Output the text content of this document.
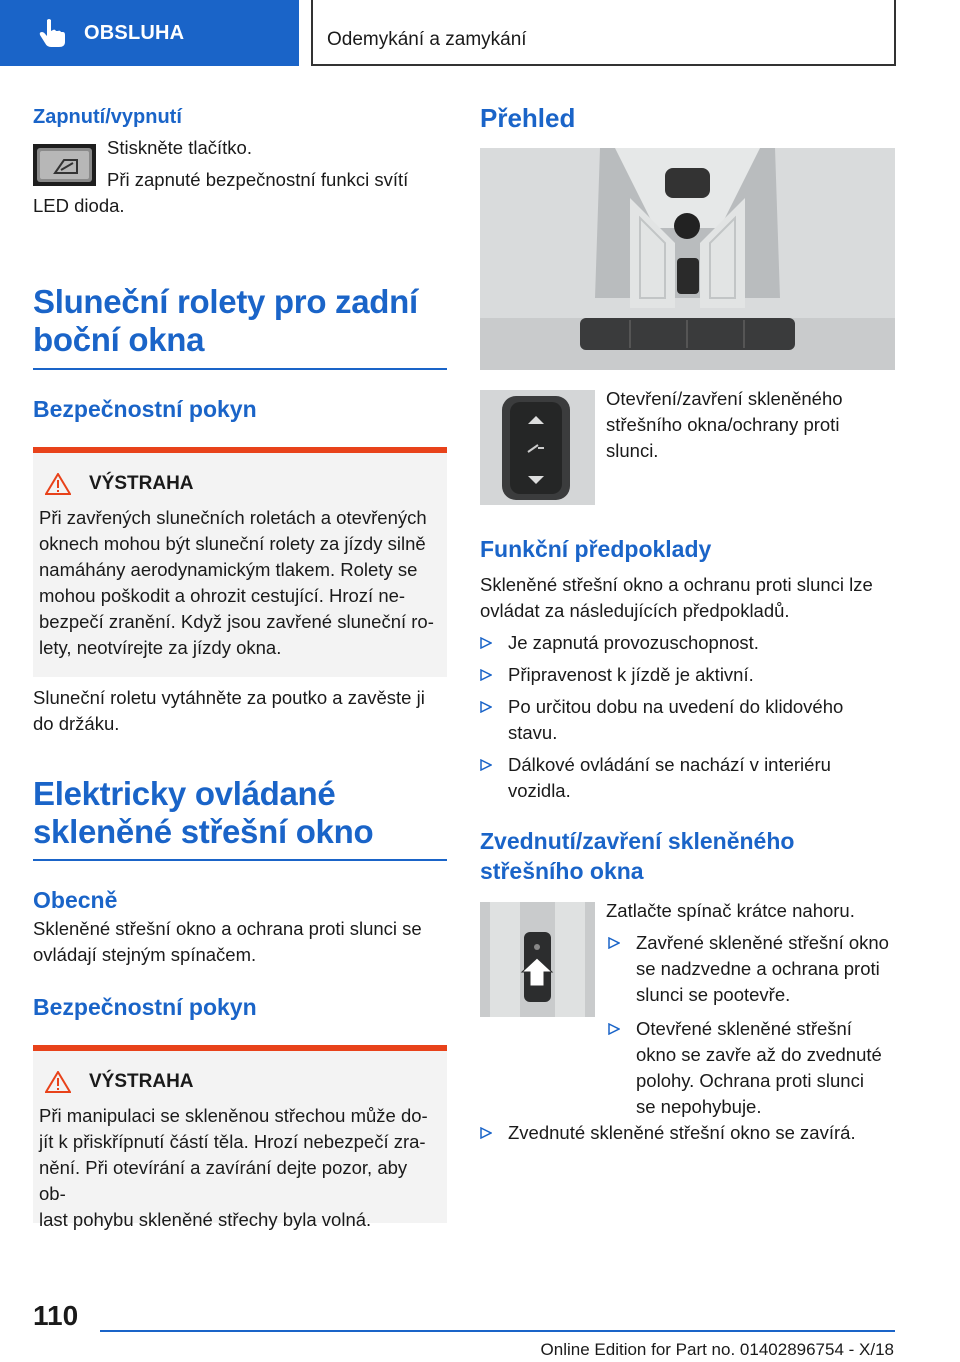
OBSLUHA	Odemykání a zamykání
Zapnutí/vypnutí
Stiskněte tlačítko.
Při zapnuté bezpečnostní funkci svítí
LED dioda.
Sluneční rolety pro zadní
boční okna
Bezpečnostní pokyn
VÝSTRAHA
Při zavřených slunečních roletách a otevřených
oknech mohou být sluneční rolety za jízdy silně
namáhány aerodynamickým tlakem. Rolety se
mohou poškodit a ohrozit cestující. Hrozí ne-
bezpečí zranění. Když jsou zavřené sluneční ro-
lety, neotvírejte za jízdy okna.
Sluneční roletu vytáhněte za poutko a zavěste ji
do držáku.
Elektricky ovládané
skleněné střešní okno
Obecně
Skleněné střešní okno a ochrana proti slunci se
ovládají stejným spínačem.
Bezpečnostní pokyn
VÝSTRAHA
Při manipulaci se skleněnou střechou může do-
jít k přiskřípnutí částí těla. Hrozí nebezpečí zra-
nění. Při otevírání a zavírání dejte pozor, aby ob-
last pohybu skleněné střechy byla volná.
Přehled
Otevření/zavření skleněného
střešního okna/ochrany proti
slunci.
Funkční předpoklady
Skleněné střešní okno a ochranu proti slunci lze
ovládat za následujících předpokladů.
Je zapnutá provozuschopnost.
Připravenost k jízdě je aktivní.
Po určitou dobu na uvedení do klidového
stavu.
Dálkové ovládání se nachází v interiéru
vozidla.
Zvednutí/zavření skleněného
střešního okna
Zatlačte spínač krátce nahoru.
Zavřené skleněné střešní okno
se nadzvedne a ochrana proti
slunci se pootevře.
Otevřené skleněné střešní
okno se zavře až do zvednuté
polohy. Ochrana proti slunci
se nepohybuje.
Zvednuté skleněné střešní okno se zavírá.
110
Online Edition for Part no. 01402896754 - X/18
